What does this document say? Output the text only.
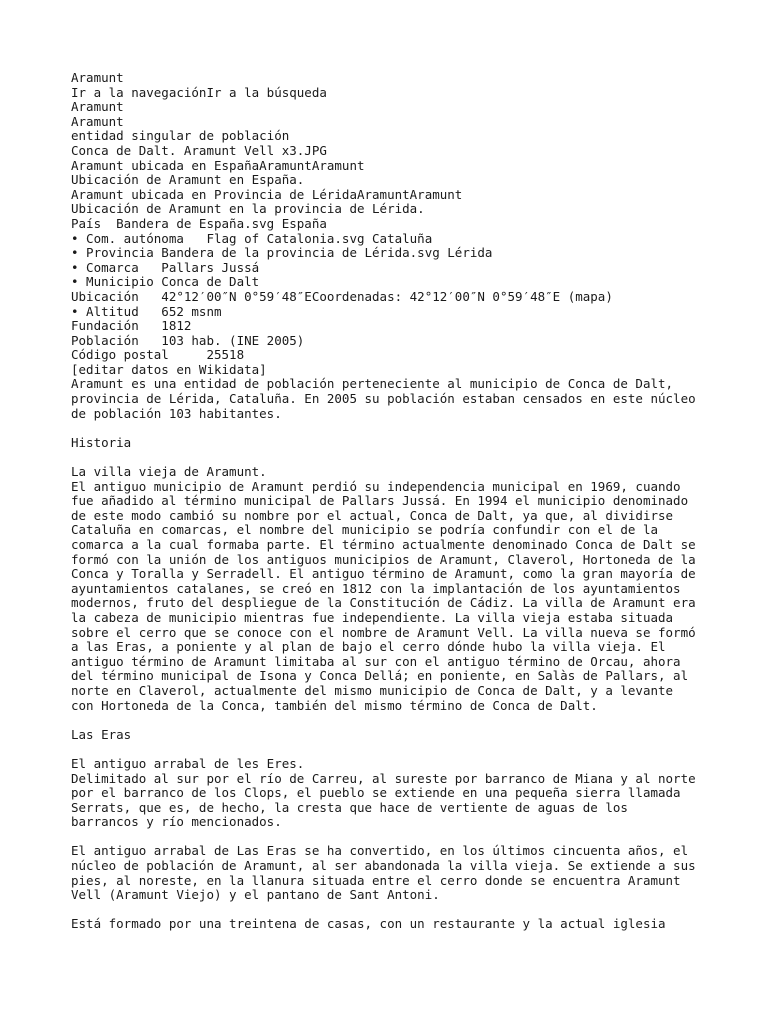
Aramunt
Ir a la navegaciónIr a la búsqueda
Aramunt
Aramunt
entidad singular de población
Conca de Dalt. Aramunt Vell x3.JPG
Aramunt ubicada en EspañaAramuntAramunt
Ubicación de Aramunt en España.
Aramunt ubicada en Provincia de LéridaAramuntAramunt
Ubicación de Aramunt en la provincia de Lérida.
País  Bandera de España.svg España
• Com. autónoma   Flag of Catalonia.svg Cataluña
• Provincia Bandera de la provincia de Lérida.svg Lérida
• Comarca   Pallars Jussá
• Municipio Conca de Dalt
Ubicación   42°12′00″N 0°59′48″ECoordenadas: 42°12′00″N 0°59′48″E (mapa)
• Altitud   652 msnm
Fundación   1812
Población   103 hab. (INE 2005)
Código postal     25518
[editar datos en Wikidata]
Aramunt es una entidad de población perteneciente al municipio de Conca de Dalt,
provincia de Lérida, Cataluña. En 2005 su población estaban censados en este núcleo
de población 103 habitantes.
Historia
La villa vieja de Aramunt.
El antiguo municipio de Aramunt perdió su independencia municipal en 1969, cuando
fue añadido al término municipal de Pallars Jussá. En 1994 el municipio denominado
de este modo cambió su nombre por el actual, Conca de Dalt, ya que, al dividirse
Cataluña en comarcas, el nombre del municipio se podría confundir con el de la
comarca a la cual formaba parte. El término actualmente denominado Conca de Dalt se
formó con la unión de los antiguos municipios de Aramunt, Claverol, Hortoneda de la
Conca y Toralla y Serradell. El antiguo término de Aramunt, como la gran mayoría de
ayuntamientos catalanes, se creó en 1812 con la implantación de los ayuntamientos
modernos, fruto del despliegue de la Constitución de Cádiz. La villa de Aramunt era
la cabeza de municipio mientras fue independiente. La villa vieja estaba situada
sobre el cerro que se conoce con el nombre de Aramunt Vell. La villa nueva se formó
a las Eras, a poniente y al plan de bajo el cerro dónde hubo la villa vieja. El
antiguo término de Aramunt limitaba al sur con el antiguo término de Orcau, ahora
del término municipal de Isona y Conca Dellá; en poniente, en Salàs de Pallars, al
norte en Claverol, actualmente del mismo municipio de Conca de Dalt, y a levante
con Hortoneda de la Conca, también del mismo término de Conca de Dalt.
Las Eras
El antiguo arrabal de les Eres.
Delimitado al sur por el río de Carreu, al sureste por barranco de Miana y al norte
por el barranco de los Clops, el pueblo se extiende en una pequeña sierra llamada
Serrats, que es, de hecho, la cresta que hace de vertiente de aguas de los
barrancos y río mencionados.
El antiguo arrabal de Las Eras se ha convertido, en los últimos cincuenta años, el
núcleo de población de Aramunt, al ser abandonada la villa vieja. Se extiende a sus
pies, al noreste, en la llanura situada entre el cerro donde se encuentra Aramunt
Vell (Aramunt Viejo) y el pantano de Sant Antoni.
Está formado por una treintena de casas, con un restaurante y la actual iglesia
